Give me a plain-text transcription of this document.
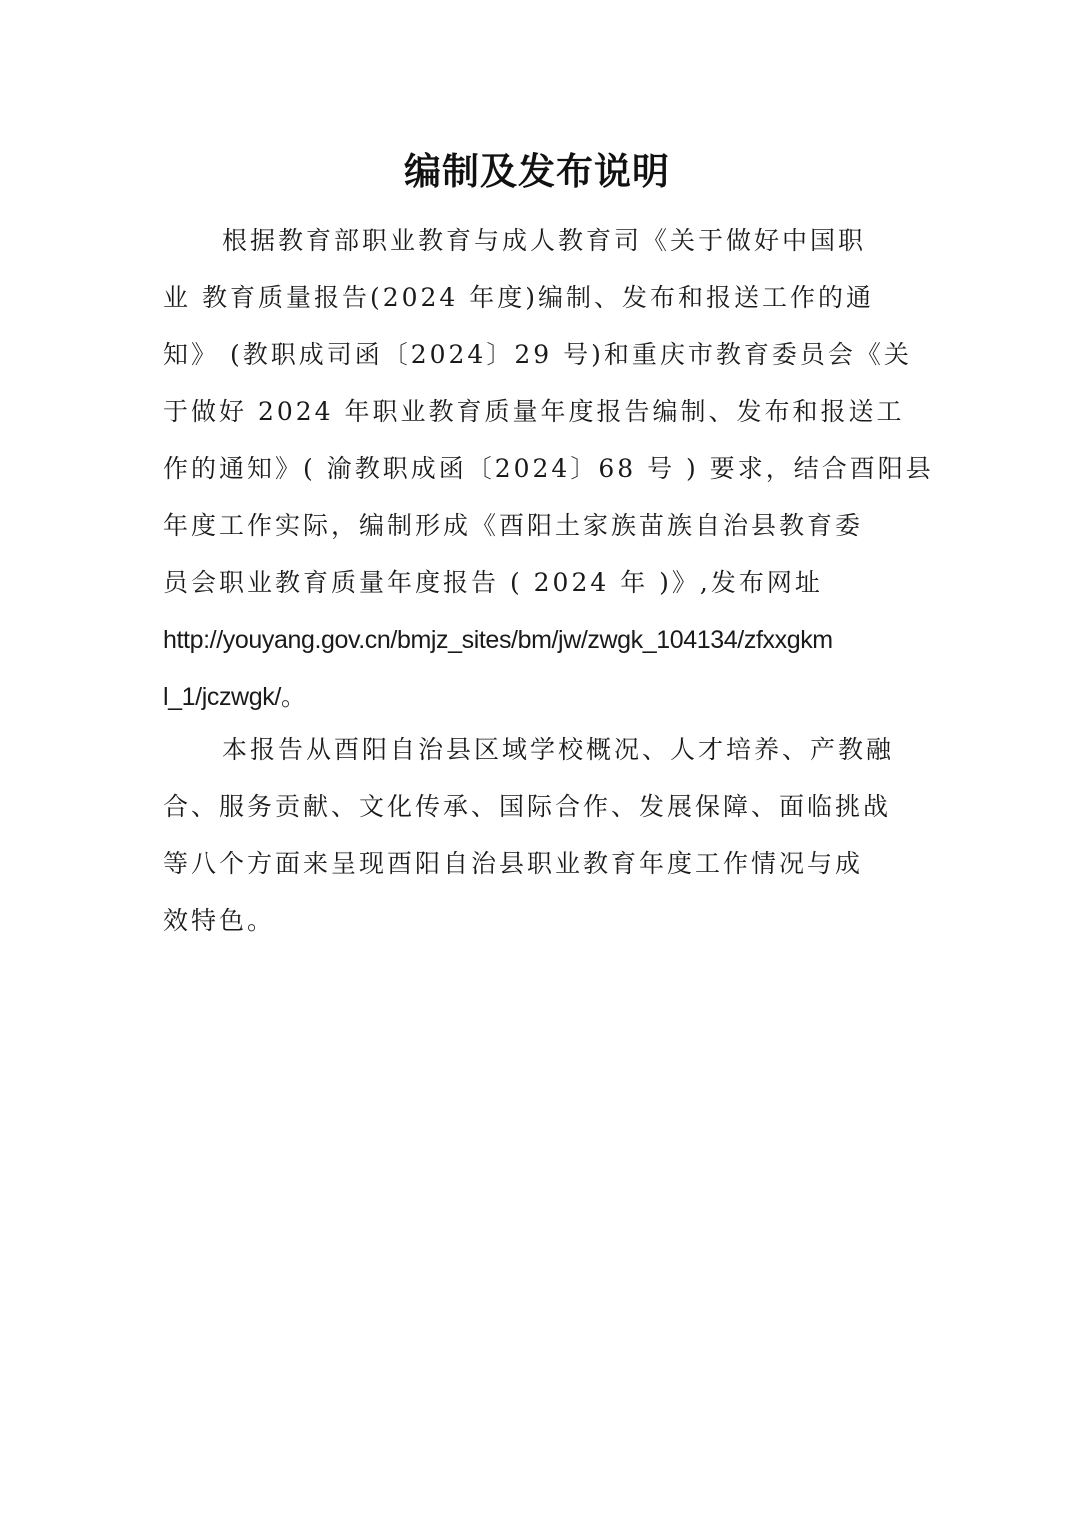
编制及发布说明
根据教育部职业教育与成人教育司《关于做好中国职
业 教育质量报告(2024 年度)编制、发布和报送工作的通
知》 (教职成司函〔2024〕29 号)和重庆市教育委员会《关
于做好 2024 年职业教育质量年度报告编制、发布和报送工
作的通知》( 渝教职成函〔2024〕68 号 ) 要求，结合酉阳县
年度工作实际，编制形成《酉阳土家族苗族自治县教育委
员会职业教育质量年度报告 ( 2024 年 )》,发布网址
http://youyang.gov.cn/bmjz_sites/bm/jw/zwgk_104134/zfxxgkm
l_1/jczwgk/。
本报告从酉阳自治县区域学校概况、人才培养、产教融
合、服务贡献、文化传承、国际合作、发展保障、面临挑战
等八个方面来呈现酉阳自治县职业教育年度工作情况与成
效特色。
